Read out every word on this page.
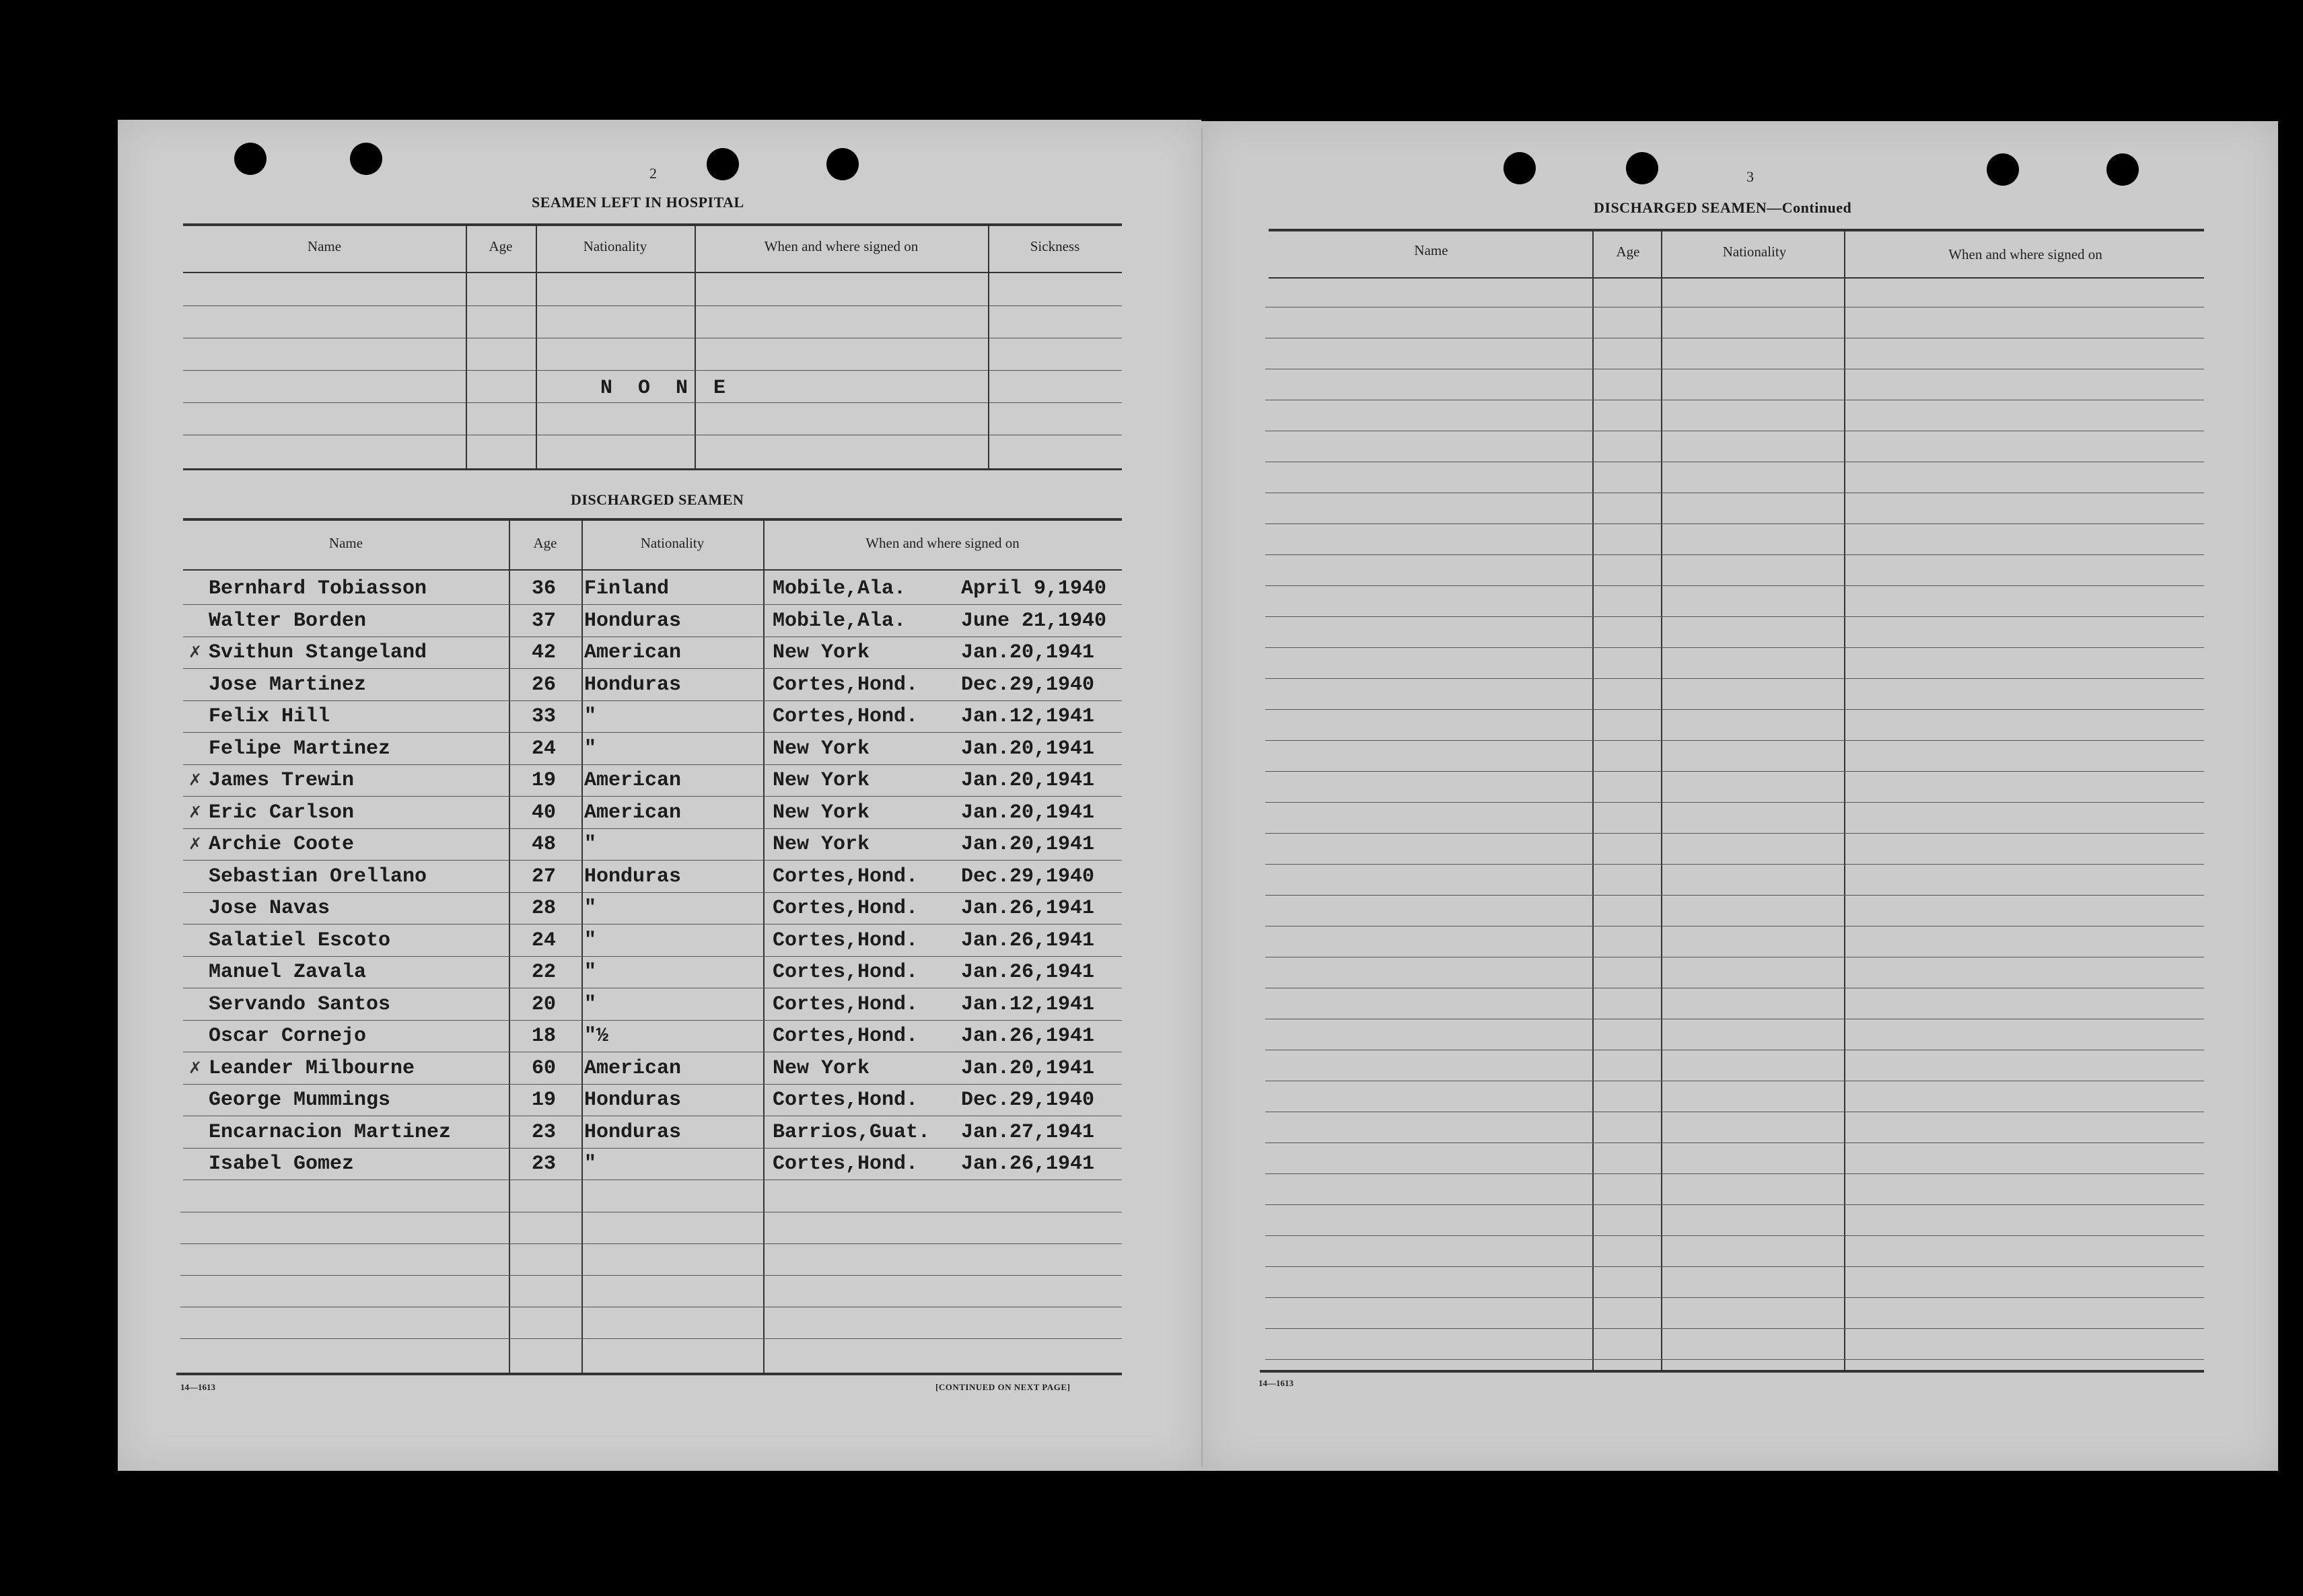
2
SEAMEN LEFT IN HOSPITAL
Name	Age	Nationality	When and where signed on	Sickness
N O N E
DISCHARGED SEAMEN
Name	Age	Nationality	When and where signed on
Bernhard Tobiasson	36 Finland	Mobile,Ala.	April 9,1940
Walter Borden	37 Honduras	Mobile,Ala.	June 21,1940
✗ Svithun Stangeland	42 American	New York	Jan.20,1941
Jose Martinez	26 Honduras	Cortes,Hond. Dec.29,1940
Felix Hill	33 "	Cortes,Hond. Jan.12,1941
Felipe Martinez	24 "	New York	Jan.20,1941
✗ James Trewin	19 American	New York	Jan.20,1941
✗ Eric Carlson	40 American	New York	Jan.20,1941
✗ Archie Coote	48 "	New York	Jan.20,1941
Sebastian Orellano	27 Honduras	Cortes,Hond. Dec.29,1940
Jose Navas	28 "	Cortes,Hond. Jan.26,1941
Salatiel Escoto	24 "	Cortes,Hond. Jan.26,1941
Manuel Zavala	22 "	Cortes,Hond. Jan.26,1941
Servando Santos	20 "	Cortes,Hond. Jan.12,1941
Oscar Cornejo	18 "½	Cortes,Hond. Jan.26,1941
✗ Leander Milbourne	60 American	New York	Jan.20,1941
George Mummings	19 Honduras	Cortes,Hond. Dec.29,1940
Encarnacion Martinez	23 Honduras	Barrios,Guat. Jan.27,1941
Isabel Gomez	23 "	Cortes,Hond. Jan.26,1941
14—1613	[CONTINUED ON NEXT PAGE]
3
DISCHARGED SEAMEN—Continued
Name	Age	Nationality	When and where signed on
14—1613
